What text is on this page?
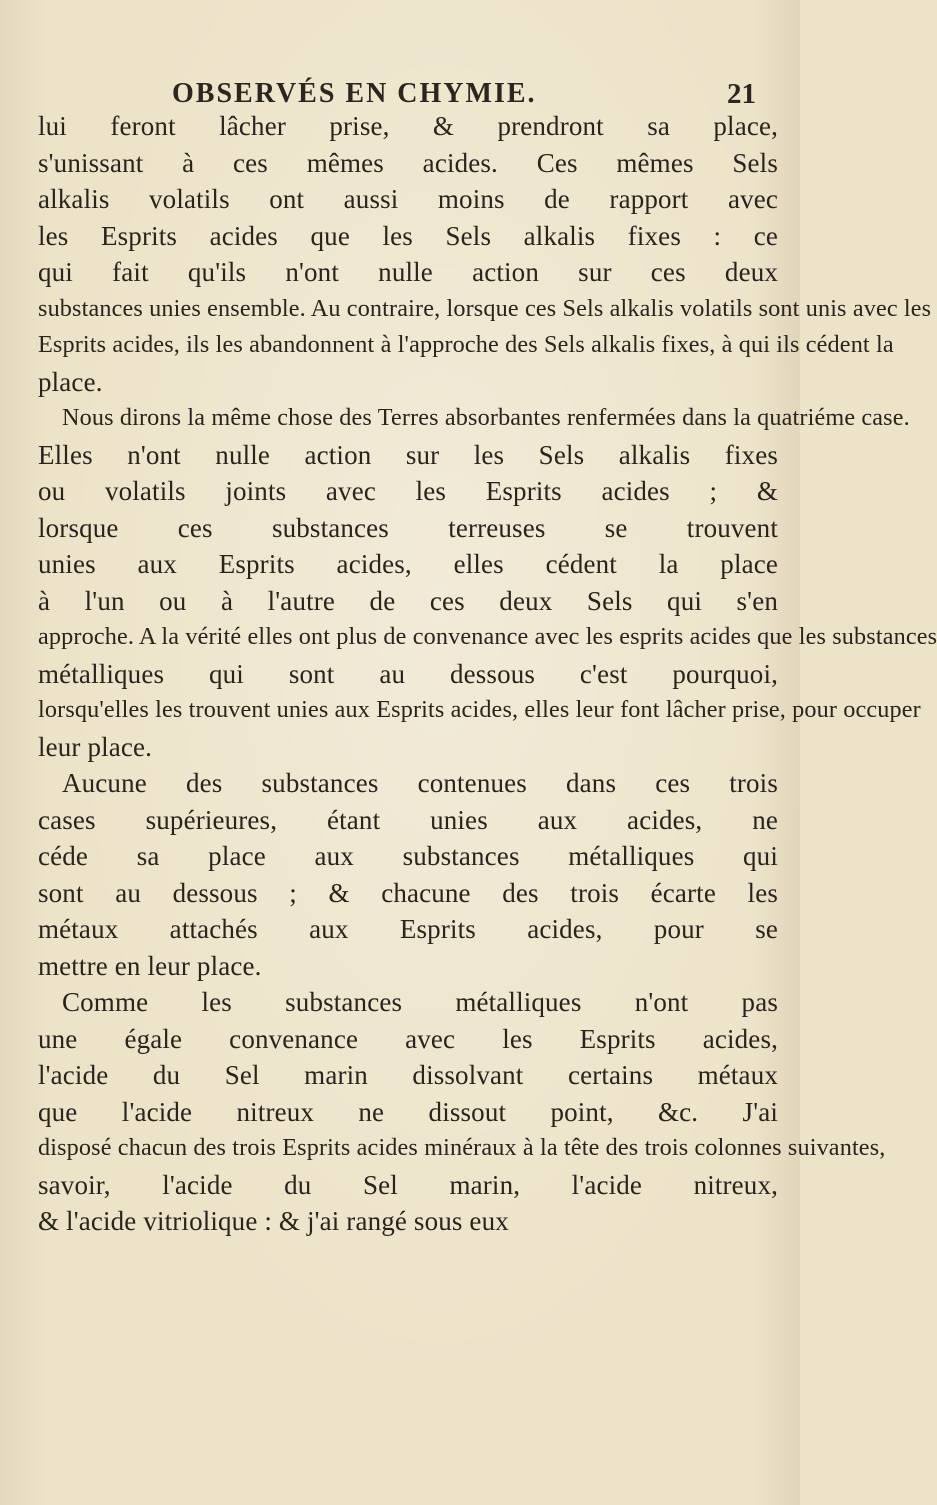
OBSERVÉS EN CHYMIE.	21
lui feront lâcher prise, & prendront sa place,
s'unissant à ces mêmes acides. Ces mêmes Sels
alkalis volatils ont aussi moins de rapport avec
les Esprits acides que les Sels alkalis fixes : ce
qui fait qu'ils n'ont nulle action sur ces deux
substances unies ensemble. Au contraire, lorsque ces Sels alkalis volatils sont unis avec les
Esprits acides, ils les abandonnent à l'approche des Sels alkalis fixes, à qui ils cédent la
place.
Nous dirons la même chose des Terres absorbantes renfermées dans la quatriéme case.
Elles n'ont nulle action sur les Sels alkalis fixes
ou volatils joints avec les Esprits acides ; &
lorsque ces substances terreuses se trouvent
unies aux Esprits acides, elles cédent la place
à l'un ou à l'autre de ces deux Sels qui s'en
approche. A la vérité elles ont plus de convenance avec les esprits acides que les substances
métalliques qui sont au dessous c'est pourquoi,
lorsqu'elles les trouvent unies aux Esprits acides, elles leur font lâcher prise, pour occuper
leur place.
Aucune des substances contenues dans ces trois
cases supérieures, étant unies aux acides, ne
céde sa place aux substances métalliques qui
sont au dessous ; & chacune des trois écarte les
métaux attachés aux Esprits acides, pour se
mettre en leur place.
Comme les substances métalliques n'ont pas
une égale convenance avec les Esprits acides,
l'acide du Sel marin dissolvant certains métaux
que l'acide nitreux ne dissout point, &c. J'ai
disposé chacun des trois Esprits acides minéraux à la tête des trois colonnes suivantes,
savoir, l'acide du Sel marin, l'acide nitreux,
& l'acide vitriolique : & j'ai rangé sous eux
